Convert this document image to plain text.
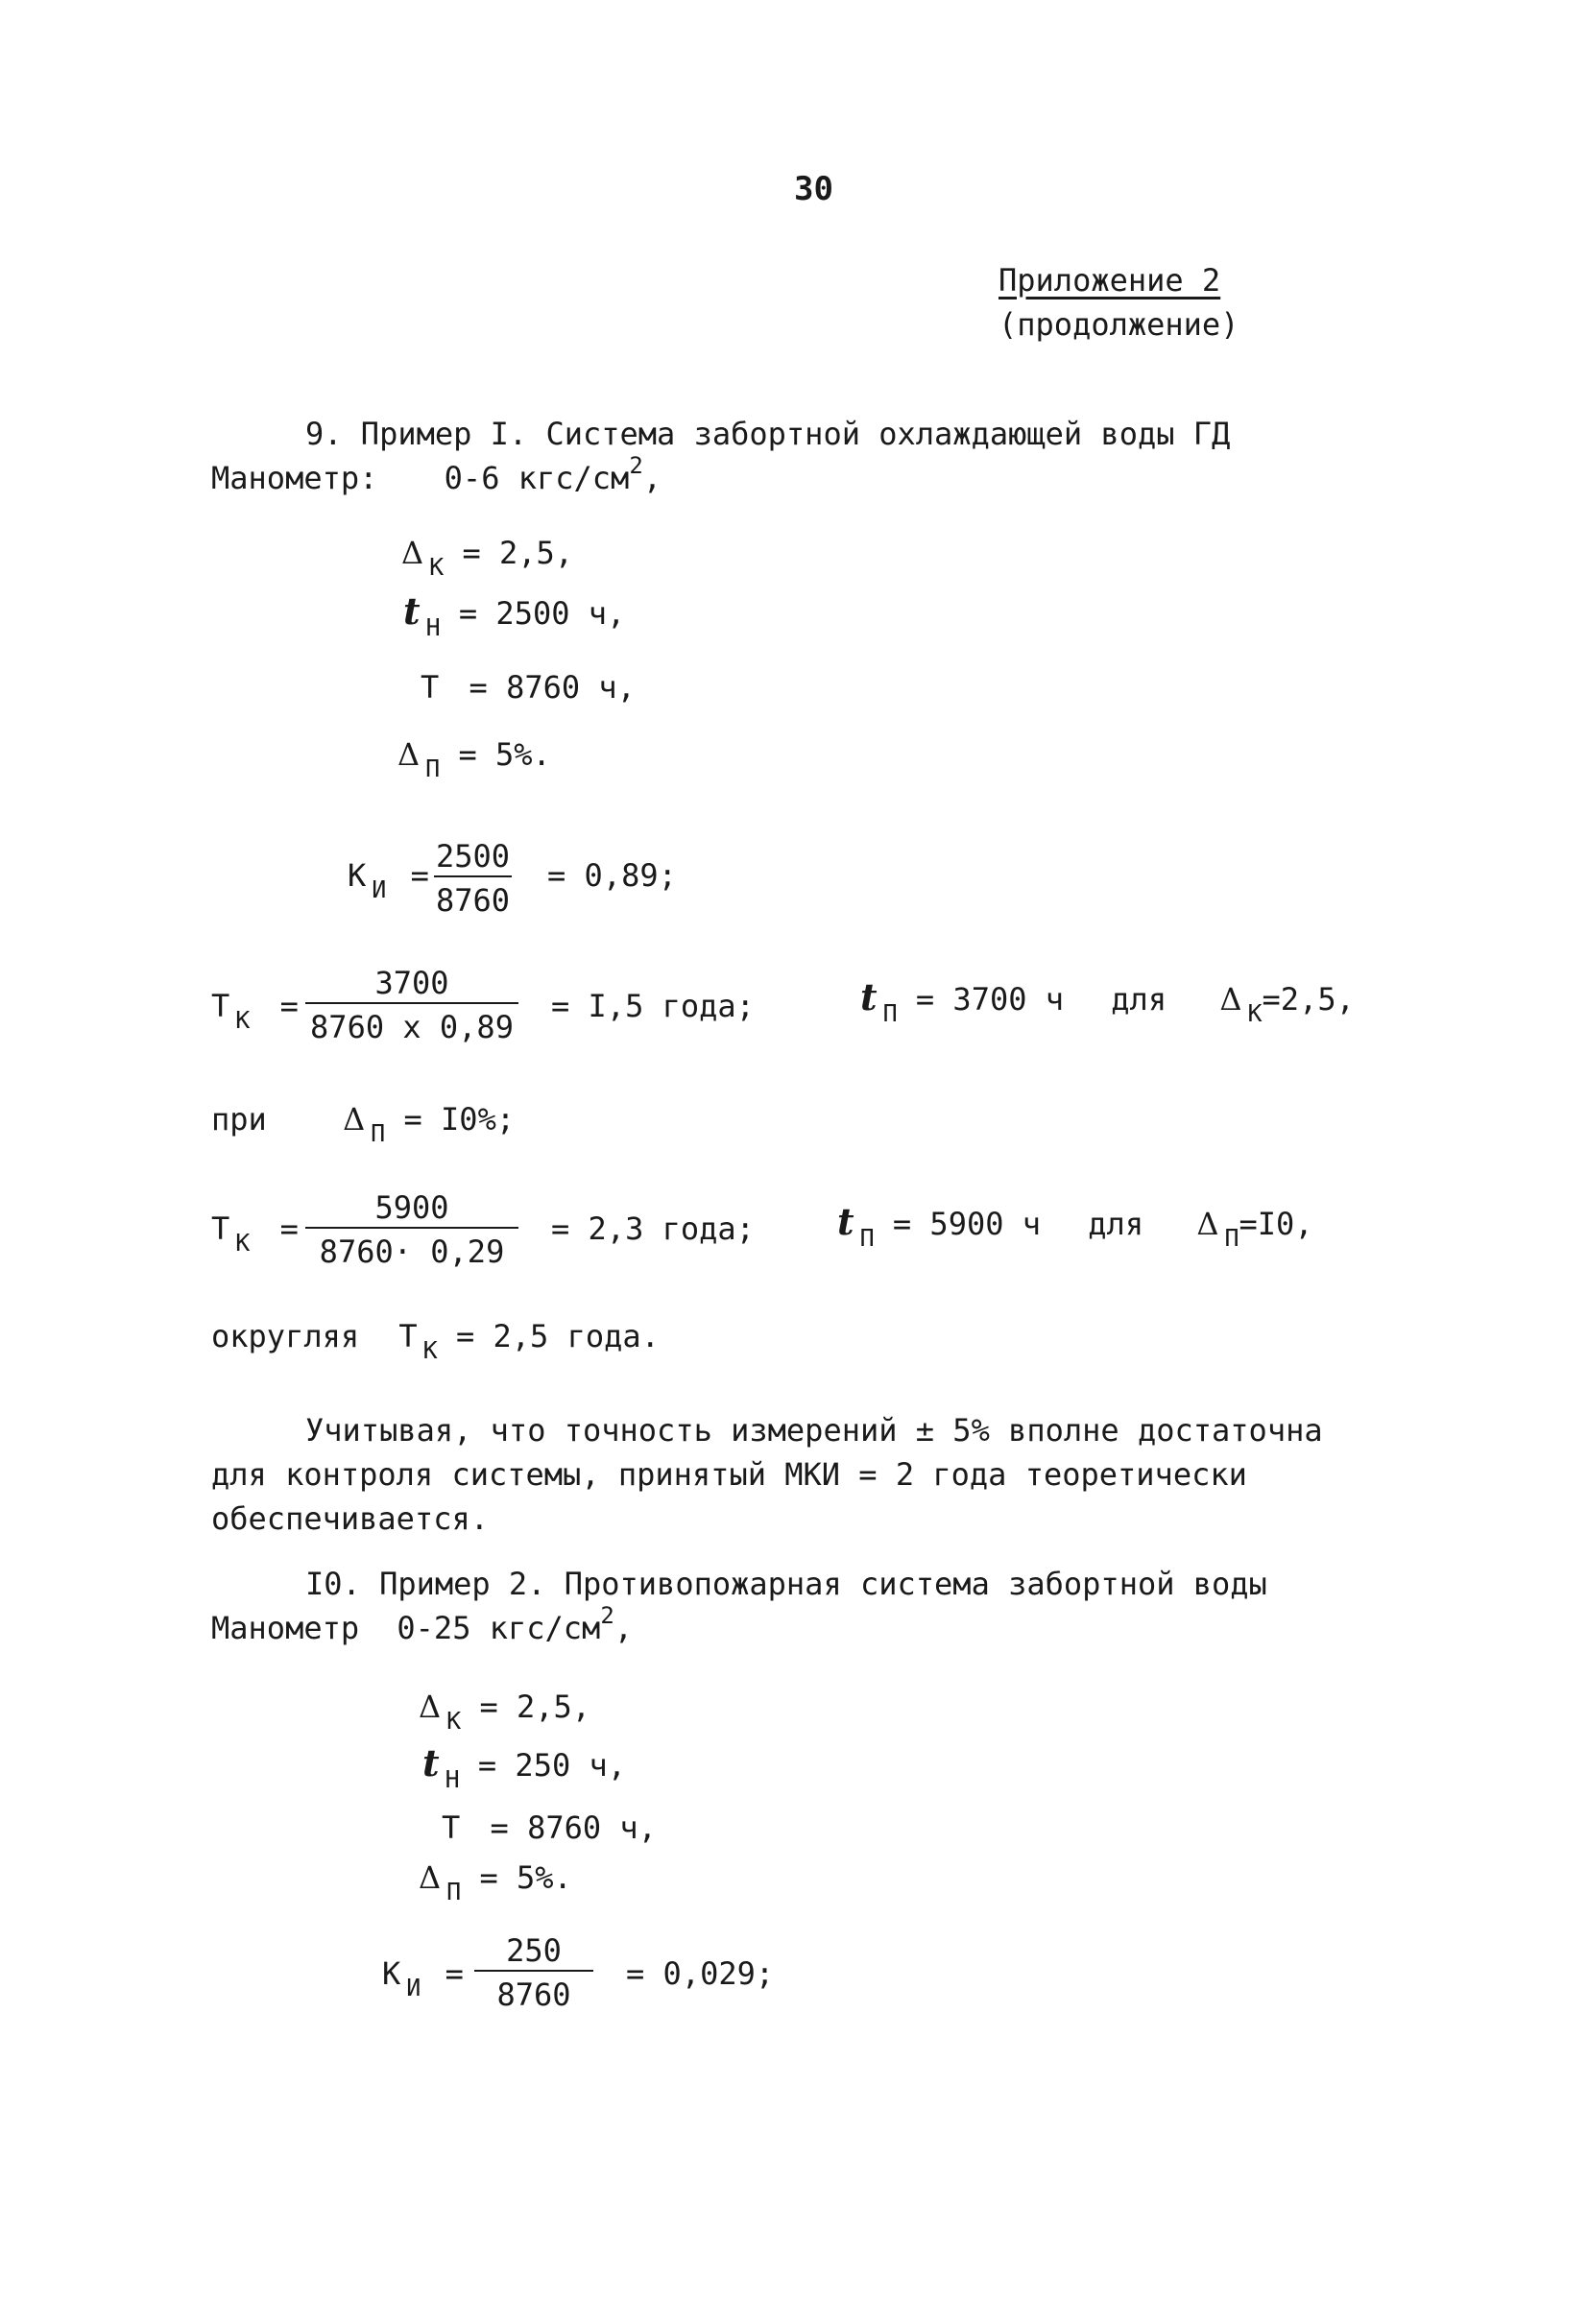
30
Приложение 2
(продолжение)
9. Пример I. Система забортной охлаждающей воды ГД
Манометр: 0-6 кгс/$см^2$,
Δ $_К$ = 2,5,
t $_Н$ = 2500 ч,
Т = 8760 ч,
Δ $_П$ = 5%.
К $_И$ =
2500
8760
= 0,89;
Т $_К$ =
3700
8760 x 0,89
= I,5 года;	t $_П$ = 3700 ч для Δ $_К$=2,5,
при Δ $_П$ = I0%;
Т $_К$ =
5900
8760· 0,29
= 2,3 года; t $_П$ = 5900 ч для Δ $_П$=I0,
округляя Т $_К$ = 2,5 года.
Учитывая, что точность измерений ± 5% вполне достаточна
для контроля системы, принятый МКИ = 2 года теоретически
обеспечивается.
I0. Пример 2. Противопожарная система забортной воды
Манометр 0-25 кгс/$см^2$,
Δ $_К$ = 2,5,
t $_Н$ = 250 ч,
Т = 8760 ч,
Δ $_П$ = 5%.
К $_И$ =
250
8760
= 0,029;
